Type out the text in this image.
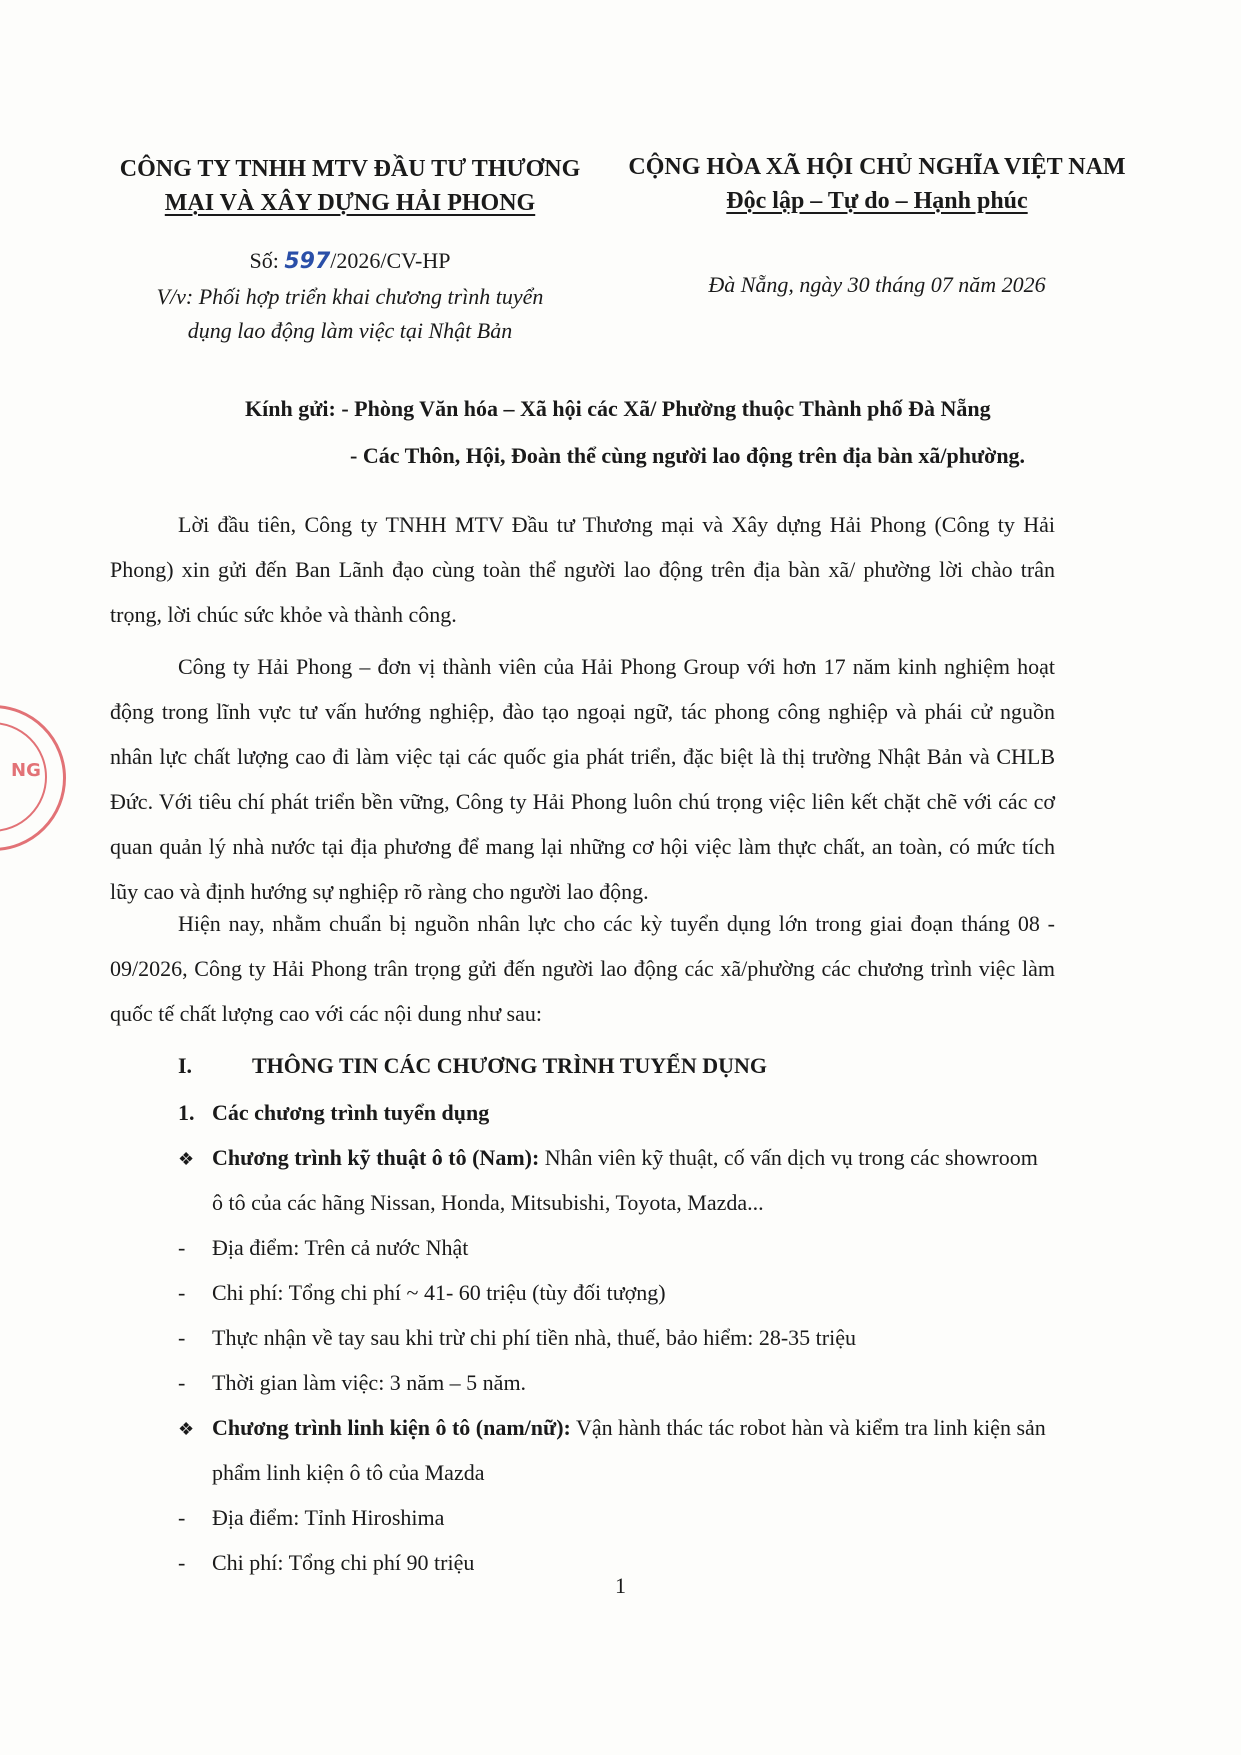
NG
CÔNG TY TNHH MTV ĐẦU TƯ THƯƠNG
MẠI VÀ XÂY DỰNG HẢI PHONG
CỘNG HÒA XÃ HỘI CHỦ NGHĨA VIỆT NAM
Độc lập – Tự do – Hạnh phúc
Số: 597/2026/CV-HP
V/v: Phối hợp triển khai chương trình tuyển
dụng lao động làm việc tại Nhật Bản
Đà Nẵng, ngày 30 tháng 07 năm 2026
Kính gửi: - Phòng Văn hóa – Xã hội các Xã/ Phường thuộc Thành phố Đà Nẵng
- Các Thôn, Hội, Đoàn thể cùng người lao động trên địa bàn xã/phường.
Lời đầu tiên, Công ty TNHH MTV Đầu tư Thương mại và Xây dựng Hải Phong (Công ty Hải Phong) xin gửi đến Ban Lãnh đạo cùng toàn thể người lao động trên địa bàn xã/ phường lời chào trân trọng, lời chúc sức khỏe và thành công.
Công ty Hải Phong – đơn vị thành viên của Hải Phong Group với hơn 17 năm kinh nghiệm hoạt động trong lĩnh vực tư vấn hướng nghiệp, đào tạo ngoại ngữ, tác phong công nghiệp và phái cử nguồn nhân lực chất lượng cao đi làm việc tại các quốc gia phát triển, đặc biệt là thị trường Nhật Bản và CHLB Đức. Với tiêu chí phát triển bền vững, Công ty Hải Phong luôn chú trọng việc liên kết chặt chẽ với các cơ quan quản lý nhà nước tại địa phương để mang lại những cơ hội việc làm thực chất, an toàn, có mức tích lũy cao và định hướng sự nghiệp rõ ràng cho người lao động.
Hiện nay, nhằm chuẩn bị nguồn nhân lực cho các kỳ tuyển dụng lớn trong giai đoạn tháng 08 - 09/2026, Công ty Hải Phong trân trọng gửi đến người lao động các xã/phường các chương trình việc làm quốc tế chất lượng cao với các nội dung như sau:
I.	THÔNG TIN CÁC CHƯƠNG TRÌNH TUYỂN DỤNG
1. Các chương trình tuyển dụng
❖ Chương trình kỹ thuật ô tô (Nam): Nhân viên kỹ thuật, cố vấn dịch vụ trong các showroom
ô tô của các hãng Nissan, Honda, Mitsubishi, Toyota, Mazda...
- Địa điểm: Trên cả nước Nhật
- Chi phí: Tổng chi phí ~ 41- 60 triệu (tùy đối tượng)
- Thực nhận về tay sau khi trừ chi phí tiền nhà, thuế, bảo hiểm: 28-35 triệu
- Thời gian làm việc: 3 năm – 5 năm.
❖ Chương trình linh kiện ô tô (nam/nữ): Vận hành thác tác robot hàn và kiểm tra linh kiện sản
phẩm linh kiện ô tô của Mazda
- Địa điểm: Tỉnh Hiroshima
- Chi phí: Tổng chi phí 90 triệu
1
